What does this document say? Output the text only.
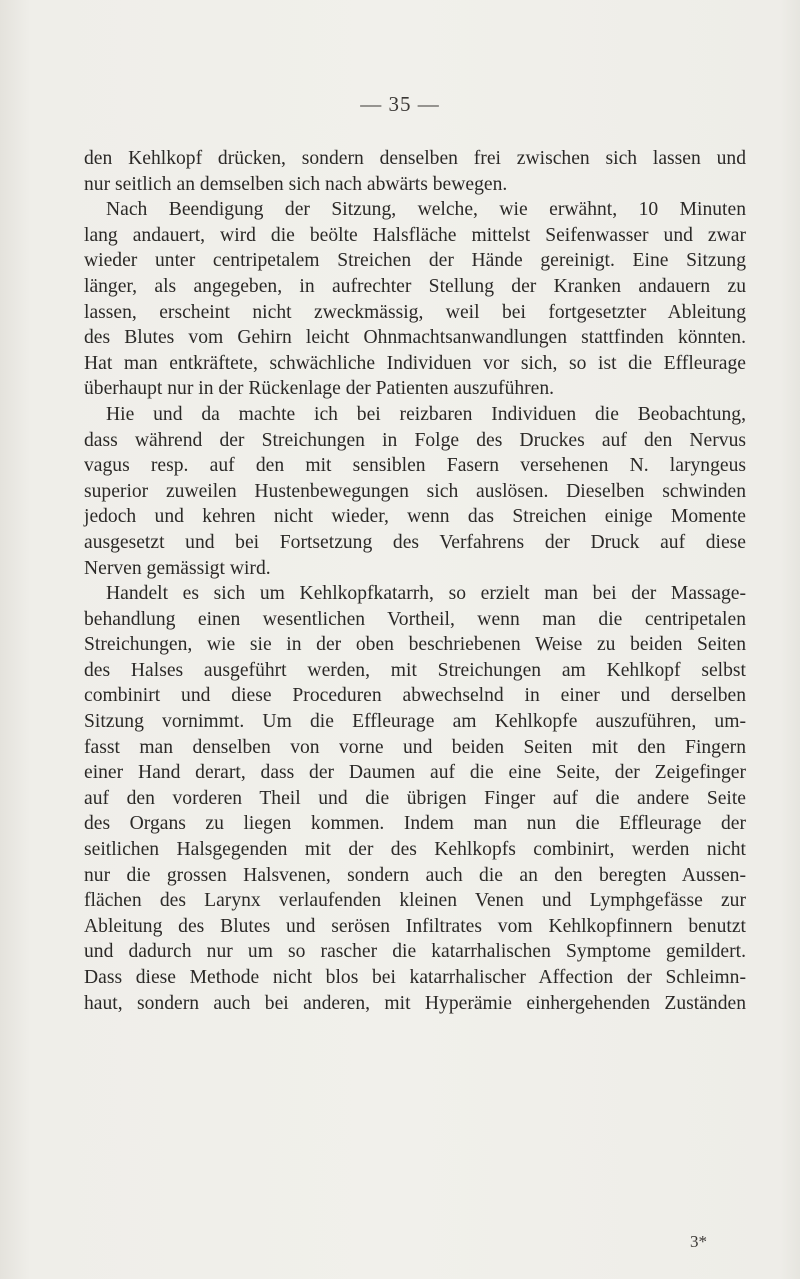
— 35 —
den Kehlkopf drücken, sondern denselben frei zwischen sich lassen und
nur seitlich an demselben sich nach abwärts bewegen.
Nach Beendigung der Sitzung, welche, wie erwähnt, 10 Minuten
lang andauert, wird die beölte Halsfläche mittelst Seifenwasser und zwar
wieder unter centripetalem Streichen der Hände gereinigt. Eine Sitzung
länger, als angegeben, in aufrechter Stellung der Kranken andauern zu
lassen, erscheint nicht zweckmässig, weil bei fortgesetzter Ableitung
des Blutes vom Gehirn leicht Ohnmachtsanwandlungen stattfinden könnten.
Hat man entkräftete, schwächliche Individuen vor sich, so ist die Effleurage
überhaupt nur in der Rückenlage der Patienten auszuführen.
Hie und da machte ich bei reizbaren Individuen die Beobachtung,
dass während der Streichungen in Folge des Druckes auf den Nervus
vagus resp. auf den mit sensiblen Fasern versehenen N. laryngeus
superior zuweilen Hustenbewegungen sich auslösen. Dieselben schwinden
jedoch und kehren nicht wieder, wenn das Streichen einige Momente
ausgesetzt und bei Fortsetzung des Verfahrens der Druck auf diese
Nerven gemässigt wird.
Handelt es sich um Kehlkopfkatarrh, so erzielt man bei der Massage-
behandlung einen wesentlichen Vortheil, wenn man die centripetalen
Streichungen, wie sie in der oben beschriebenen Weise zu beiden Seiten
des Halses ausgeführt werden, mit Streichungen am Kehlkopf selbst
combinirt und diese Proceduren abwechselnd in einer und derselben
Sitzung vornimmt. Um die Effleurage am Kehlkopfe auszuführen, um-
fasst man denselben von vorne und beiden Seiten mit den Fingern
einer Hand derart, dass der Daumen auf die eine Seite, der Zeigefinger
auf den vorderen Theil und die übrigen Finger auf die andere Seite
des Organs zu liegen kommen. Indem man nun die Effleurage der
seitlichen Halsgegenden mit der des Kehlkopfs combinirt, werden nicht
nur die grossen Halsvenen, sondern auch die an den beregten Aussen-
flächen des Larynx verlaufenden kleinen Venen und Lymphgefässe zur
Ableitung des Blutes und serösen Infiltrates vom Kehlkopfinnern benutzt
und dadurch nur um so rascher die katarrhalischen Symptome gemildert.
Dass diese Methode nicht blos bei katarrhalischer Affection der Schleimn-
haut, sondern auch bei anderen, mit Hyperämie einhergehenden Zuständen
3*
